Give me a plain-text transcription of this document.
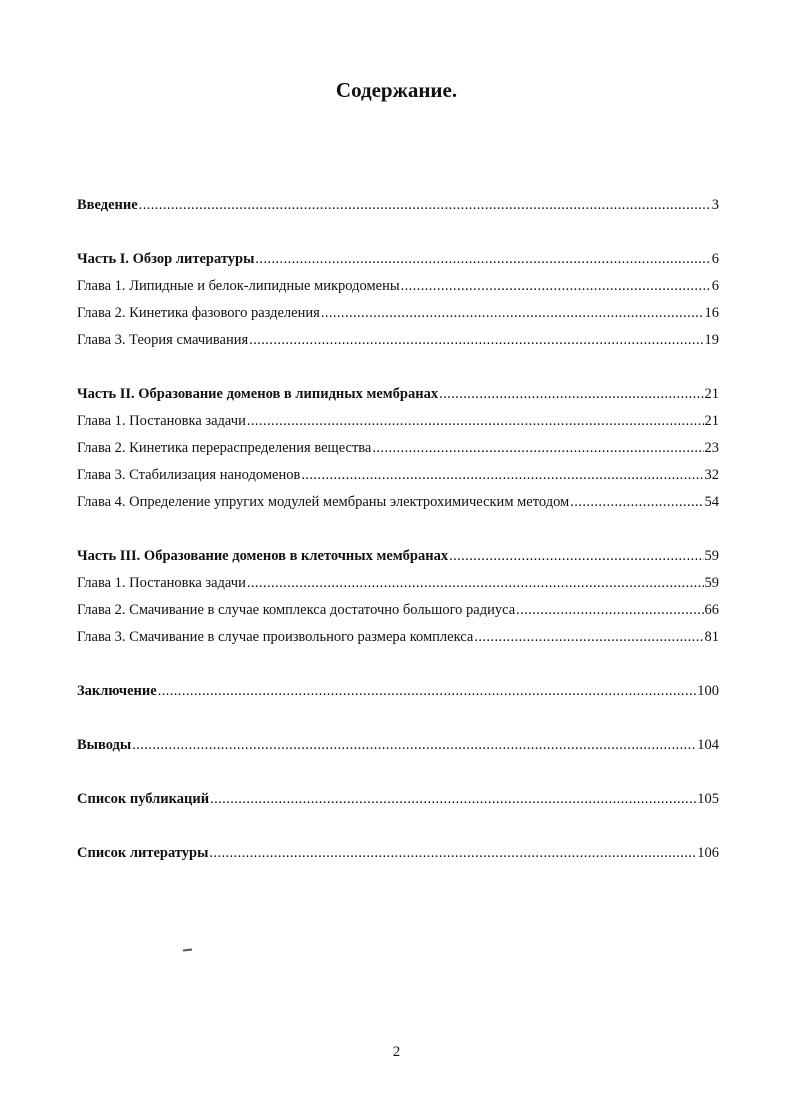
Содержание.
Введение .....	3
Часть I. Обзор литературы .....	6
Глава 1. Липидные и белок-липидные микродомены .....	6
Глава 2. Кинетика фазового разделения .....	16
Глава 3. Теория смачивания .....	19
Часть II. Образование доменов в липидных мембранах .....	21
Глава 1. Постановка задачи .....	21
Глава 2. Кинетика перераспределения вещества .....	23
Глава 3. Стабилизация нанодоменов .....	32
Глава 4. Определение упругих модулей мембраны электрохимическим методом .....	54
Часть III. Образование доменов в клеточных мембранах .....	59
Глава 1. Постановка задачи .....	59
Глава 2. Смачивание в случае комплекса достаточно большого радиуса .....	66
Глава 3. Смачивание в случае произвольного размера комплекса .....	81
Заключение .....	100
Выводы .....	104
Список публикаций .....	105
Список литературы .....	106
2
